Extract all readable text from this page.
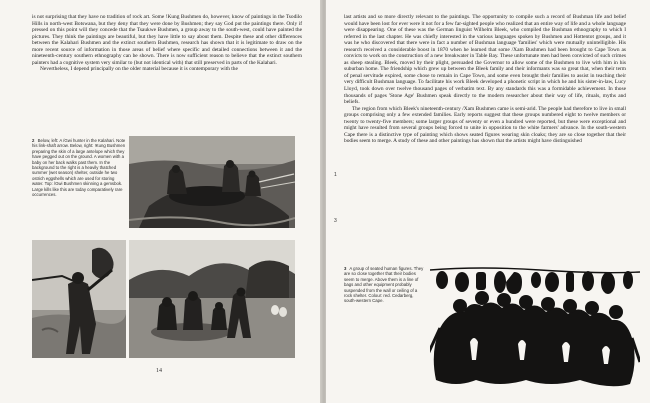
is not surprising that they have no tradition of rock art. Some !Kung Bushmen do, however, know of paintings in the Tsodilo Hills in north-west Botswana, but they deny that they were done by Bushmen; they say God put the paintings there. Only if pressed on this point will they concede that the Tsaukwe Bushmen, a group away to the south-west, could have painted the pictures. They think the paintings are beautiful, but they have little to say about them. Despite these and other differences between the Kalahari Bushmen and the extinct southern Bushmen, research has shown that it is legitimate to draw on the more recent source of information in those areas of belief where specific and detailed connections between it and the nineteenth-century southern ethnography can be shown. There is now sufficient reason to believe that the extinct southern painters had a cognitive system very similar to (but not identical with) that still preserved in parts of the Kalahari.

Nevertheless, I depend principally on the older material because it is contemporary with the

2 Below, left: A /Gwi hunter in the Kalahari. Note his link-shaft arrow. Below, right: !Kung Bushmen preparing the skin of a large antelope which they have pegged out on the ground. A women with a baby on her back walks past them. In the background to the right is a heavily thatched summer (wet season) shelter, outside he two ostrich eggshells which are used for storing water. Top: /Gwi Bushmen skinning a gemsbok. Large kills like this are today comparatively rare occurrences.
14

last artists and so more directly relevant to the paintings. The opportunity to compile such a record of Bushman life and belief would have been lost for ever were it not for a few far-sighted people who realized that an entire way of life and a whole language were disappearing. One of these was the German linguist Wilhelm Bleek, who compiled the Bushman ethnography to which I referred in the last chapter. He was chiefly interested in the various languages spoken by Bushmen and Hottentot groups, and it was he who discovered that there were in fact a number of Bushman language 'families' which were mutually unintelligible. His research received a considerable boost in 1870 when he learned that some /Xam Bushmen had been brought to Cape Town as convicts to work on the construction of a new breakwater in Table Bay. These unfortunate men had been convicted of such crimes as sheep stealing. Bleek, moved by their plight, persuaded the Governor to allow some of the Bushmen to live with him in his suburban home. The friendship which grew up between the Bleek family and their informants was so great that, when their term of penal servitude expired, some chose to remain in Cape Town, and some even brought their families to assist in teaching their very difficult Bushman language. To facilitate his work Bleek developed a phonetic script in which he and his sister-in-law, Lucy Lloyd, took down over twelve thousand pages of verbatim text. By any standards this was a formidable achievement. In those thousands of pages 'Stone Age' Bushmen speak directly to the modern researcher about their way of life, rituals, myths and beliefs.

The region from which Bleek's nineteenth-century /Xam Bushmen came is semi-arid. The people had therefore to live in small groups comprising only a few extended families. Early reports suggest that these groups numbered eight to twelve members or twenty to twenty-five members; some larger groups of seventy or even a hundred were reported, but these were exceptional and might have resulted from several groups being forced to unite in opposition to the white farmers' advance. In the south-western Cape there is a distinctive type of painting which shows seated figures wearing skin cloaks; they are so close together that their bodies seem to merge. A study of these and other paintings has shown that the artists might have distinguished

1
3
3 A group of seated human figures. They are so close together that their bodies seem to merge. Above them is a line of bags and other equipment probably suspended from the wall or ceiling of a rock shelter. Colour: red. Cedarberg, south-western Cape.
